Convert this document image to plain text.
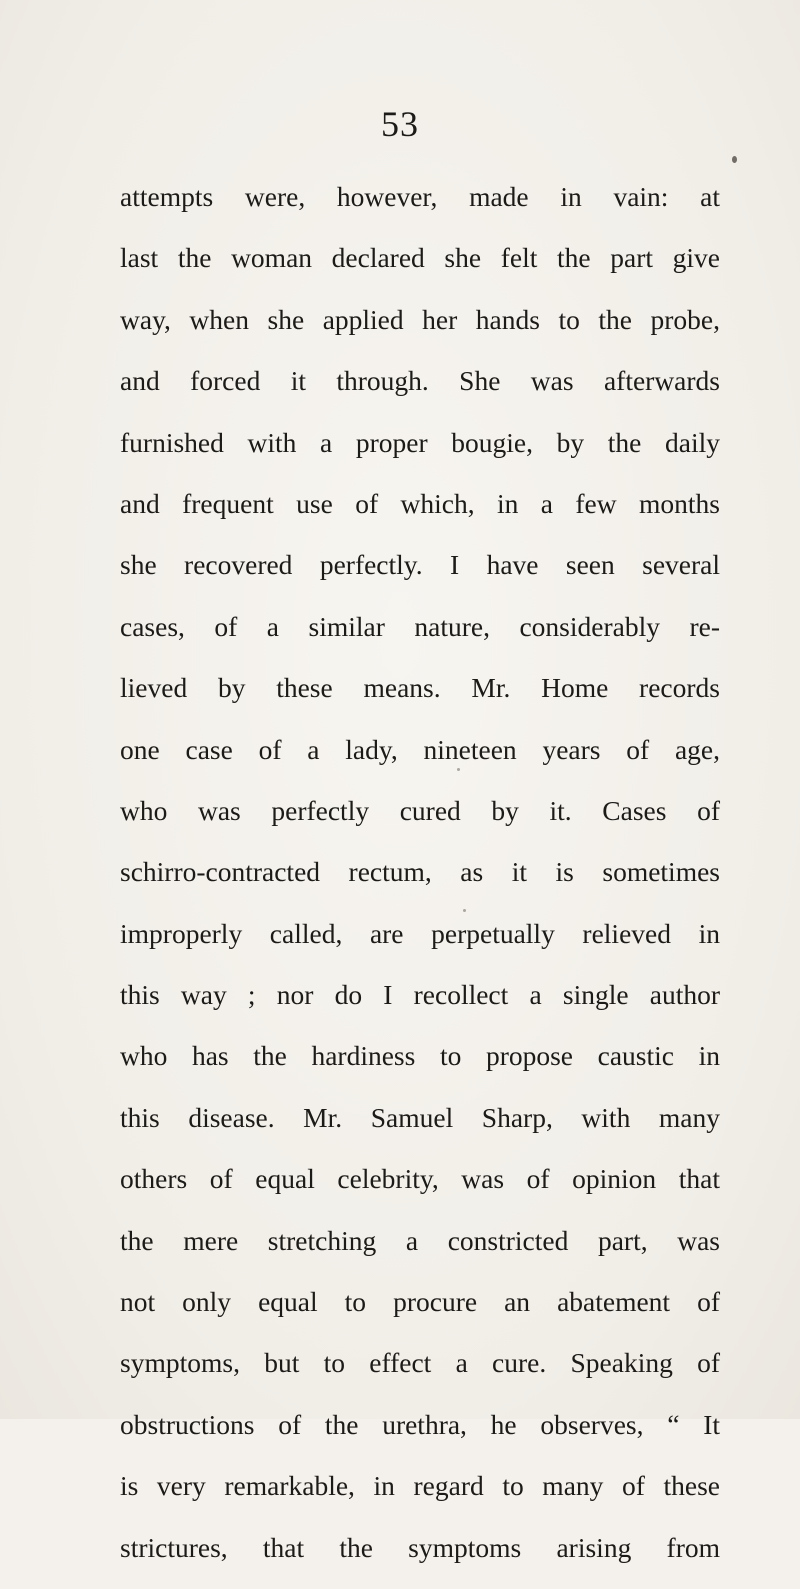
53
attempts were, however, made in vain: at
last the woman declared she felt the part give
way, when she applied her hands to the probe,
and forced it through. She was afterwards
furnished with a proper bougie, by the daily
and frequent use of which, in a few months
she recovered perfectly. I have seen several
cases, of a similar nature, considerably re-
lieved by these means. Mr. Home records
one case of a lady, nineteen years of age,
who was perfectly cured by it. Cases of
schirro-contracted rectum, as it is sometimes
improperly called, are perpetually relieved in
this way ; nor do I recollect a single author
who has the hardiness to propose caustic in
this disease. Mr. Samuel Sharp, with many
others of equal celebrity, was of opinion that
the mere stretching a constricted part, was
not only equal to procure an abatement of
symptoms, but to effect a cure. Speaking of
obstructions of the urethra, he observes, “ It
is very remarkable, in regard to many of these
strictures, that the symptoms arising from
